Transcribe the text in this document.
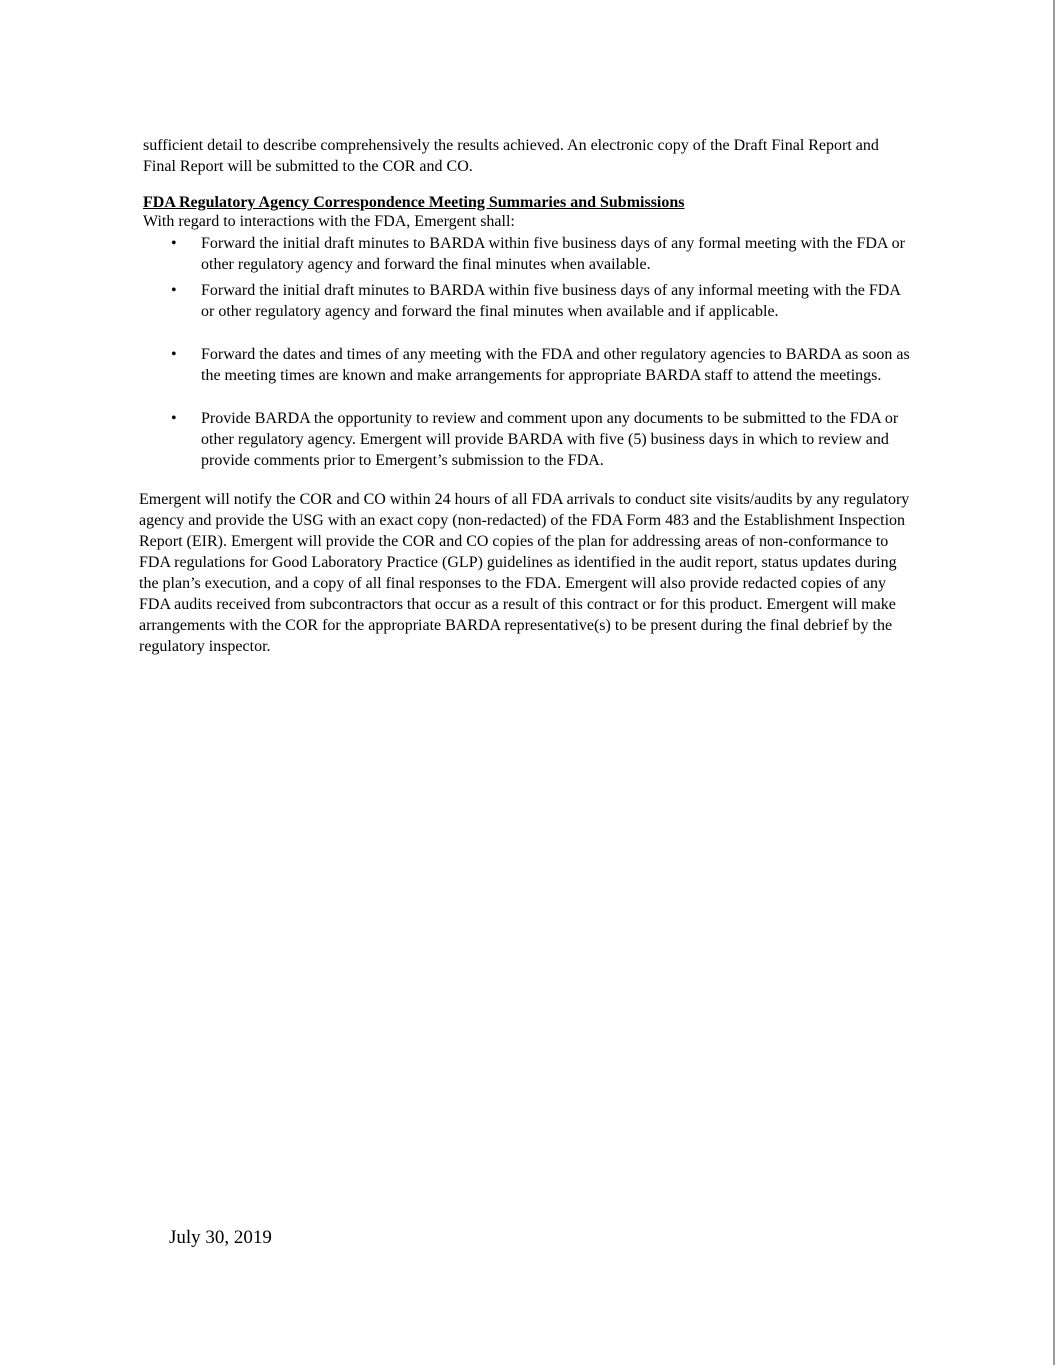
sufficient detail to describe comprehensively the results achieved. An electronic copy of the Draft Final Report and Final Report will be submitted to the COR and CO.

FDA Regulatory Agency Correspondence Meeting Summaries and Submissions

With regard to interactions with the FDA, Emergent shall:

• Forward the initial draft minutes to BARDA within five business days of any formal meeting with the FDA or other regulatory agency and forward the final minutes when available.
• Forward the initial draft minutes to BARDA within five business days of any informal meeting with the FDA or other regulatory agency and forward the final minutes when available and if applicable.
• Forward the dates and times of any meeting with the FDA and other regulatory agencies to BARDA as soon as the meeting times are known and make arrangements for appropriate BARDA staff to attend the meetings.
• Provide BARDA the opportunity to review and comment upon any documents to be submitted to the FDA or other regulatory agency. Emergent will provide BARDA with five (5) business days in which to review and provide comments prior to Emergent’s submission to the FDA.

Emergent will notify the COR and CO within 24 hours of all FDA arrivals to conduct site visits/audits by any regulatory agency and provide the USG with an exact copy (non-redacted) of the FDA Form 483 and the Establishment Inspection Report (EIR). Emergent will provide the COR and CO copies of the plan for addressing areas of non-conformance to FDA regulations for Good Laboratory Practice (GLP) guidelines as identified in the audit report, status updates during the plan’s execution, and a copy of all final responses to the FDA. Emergent will also provide redacted copies of any FDA audits received from subcontractors that occur as a result of this contract or for this product. Emergent will make arrangements with the COR for the appropriate BARDA representative(s) to be present during the final debrief by the regulatory inspector.

July 30, 2019
